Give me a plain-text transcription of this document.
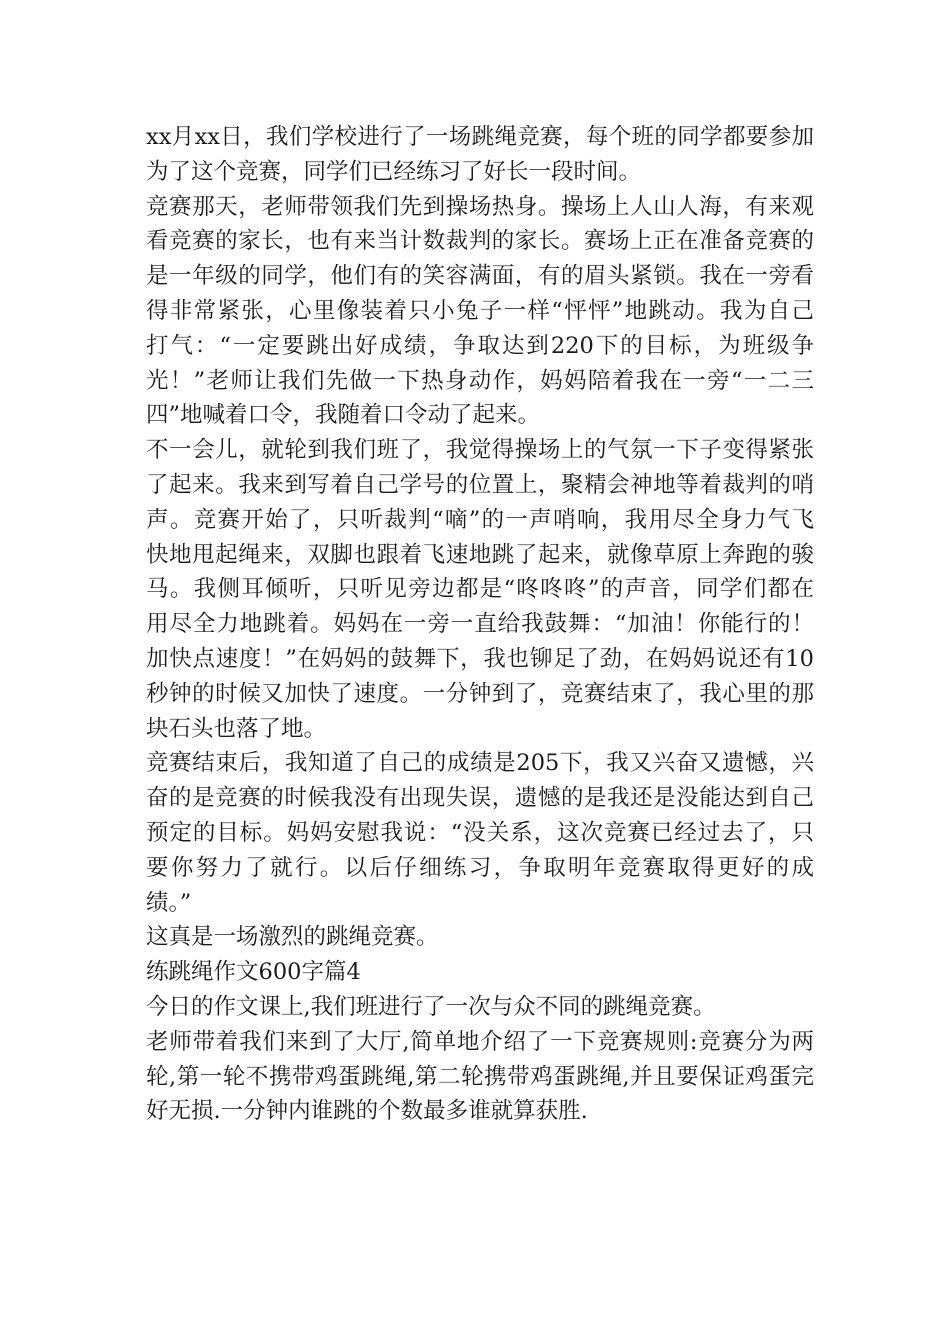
xx月xx日，我们学校进行了一场跳绳竞赛，每个班的同学都要参加
为了这个竞赛，同学们已经练习了好长一段时间。

竞赛那天，老师带领我们先到操场热身。操场上人山人海，有来观
看竞赛的家长，也有来当计数裁判的家长。赛场上正在准备竞赛的
是一年级的同学，他们有的笑容满面，有的眉头紧锁。我在一旁看
得非常紧张，心里像装着只小兔子一样“怦怦”地跳动。我为自己
打气：“一定要跳出好成绩，争取达到220下的目标，为班级争
光！”老师让我们先做一下热身动作，妈妈陪着我在一旁“一二三
四”地喊着口令，我随着口令动了起来。

不一会儿，就轮到我们班了，我觉得操场上的气氛一下子变得紧张
了起来。我来到写着自己学号的位置上，聚精会神地等着裁判的哨
声。竞赛开始了，只听裁判“嘀”的一声哨响，我用尽全身力气飞
快地甩起绳来，双脚也跟着飞速地跳了起来，就像草原上奔跑的骏
马。我侧耳倾听，只听见旁边都是“咚咚咚”的声音，同学们都在
用尽全力地跳着。妈妈在一旁一直给我鼓舞：“加油！你能行的！
加快点速度！”在妈妈的鼓舞下，我也铆足了劲，在妈妈说还有10
秒钟的时候又加快了速度。一分钟到了，竞赛结束了，我心里的那
块石头也落了地。

竞赛结束后，我知道了自己的成绩是205下，我又兴奋又遗憾，兴
奋的是竞赛的时候我没有出现失误，遗憾的是我还是没能达到自己
预定的目标。妈妈安慰我说：“没关系，这次竞赛已经过去了，只
要你努力了就行。以后仔细练习，争取明年竞赛取得更好的成
绩。”

这真是一场激烈的跳绳竞赛。

练跳绳作文600字篇4

今日的作文课上,我们班进行了一次与众不同的跳绳竞赛。

老师带着我们来到了大厅,简单地介绍了一下竞赛规则:竞赛分为两
轮,第一轮不携带鸡蛋跳绳,第二轮携带鸡蛋跳绳,并且要保证鸡蛋完
好无损.一分钟内谁跳的个数最多谁就算获胜.
